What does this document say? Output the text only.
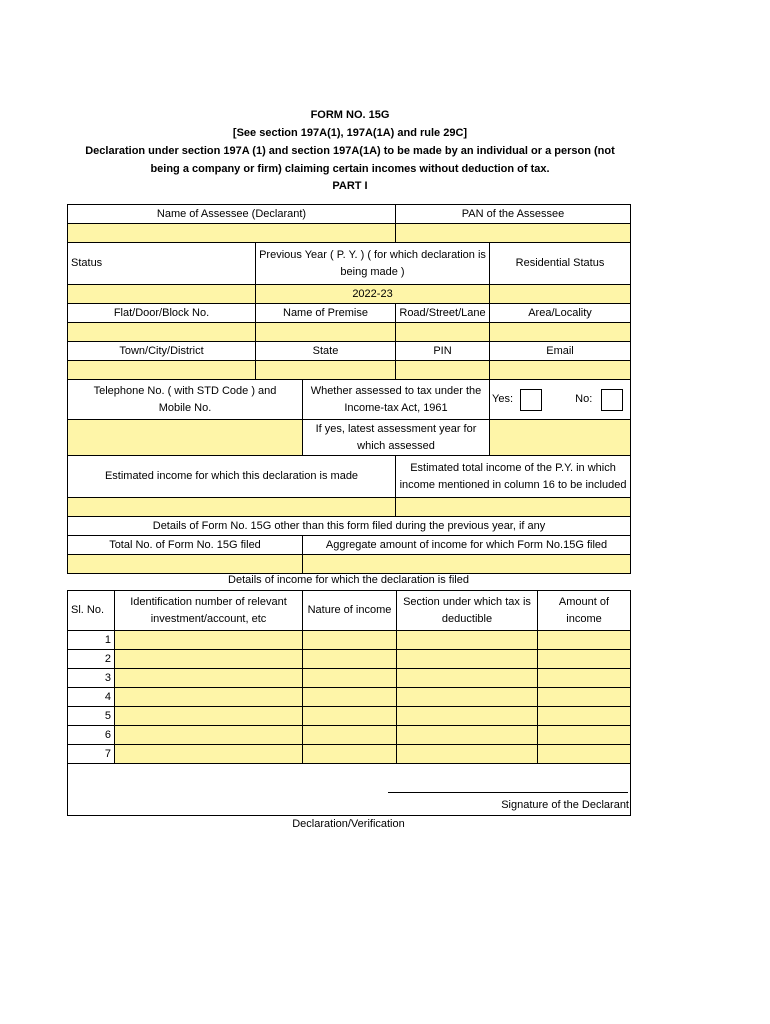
FORM NO. 15G
[See section 197A(1), 197A(1A) and rule 29C]
Declaration under section 197A (1) and section 197A(1A) to be made by an individual or a person (not
being a company or firm) claiming certain incomes without deduction of tax.
PART I
Name of Assessee (Declarant)			PAN of the Assessee	

Status	Previous Year ( P. Y. ) ( for which declaration is being made )			Residential Status
	2022-23			
Flat/Door/Block No.	Name of Premise		Road/Street/Lane	Area/Locality

Town/City/District	State		PIN	Email

Telephone No. ( with STD Code ) and Mobile No.		Whether assessed to tax under the Income-tax Act, 1961		Yes: No:
		If yes, latest assessment year for which assessed		
Estimated income for which this declaration is made			Estimated total income of the P.Y. in which income mentioned in column 16 to be included	

Details of Form No. 15G other than this form filed during the previous year, if any				
Total No. of Form No. 15G filed		Aggregate amount of income for which Form No.15G filed		

Details of income for which the declaration is filed
Sl. No.	Identification number of relevant investment/account, etc	Nature of income	Section under which tax is deductible	Amount of income
1				
2				
3				
4				
5				
6				
7				
Signature of the Declarant
Declaration/Verification
